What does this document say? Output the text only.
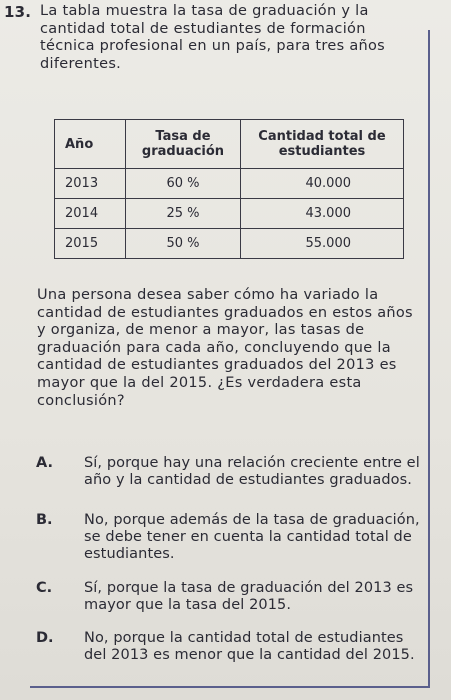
13. La tabla muestra la tasa de graduación y la cantidad total de estudiantes de formación técnica profesional en un país, para tres años diferentes.
Año	Tasa de graduación	Cantidad total de estudiantes
2013	60 %	40.000
2014	25 %	43.000
2015	50 %	55.000
Una persona desea saber cómo ha variado la cantidad de estudiantes graduados en estos años y organiza, de menor a mayor, las tasas de graduación para cada año, concluyendo que la cantidad de estudiantes graduados del 2013 es mayor que la del 2015. ¿Es verdadera esta conclusión?
A. Sí, porque hay una relación creciente entre el año y la cantidad de estudiantes graduados.
B. No, porque además de la tasa de graduación, se debe tener en cuenta la cantidad total de estudiantes.
C. Sí, porque la tasa de graduación del 2013 es mayor que la tasa del 2015.
D. No, porque la cantidad total de estudiantes del 2013 es menor que la cantidad del 2015.
